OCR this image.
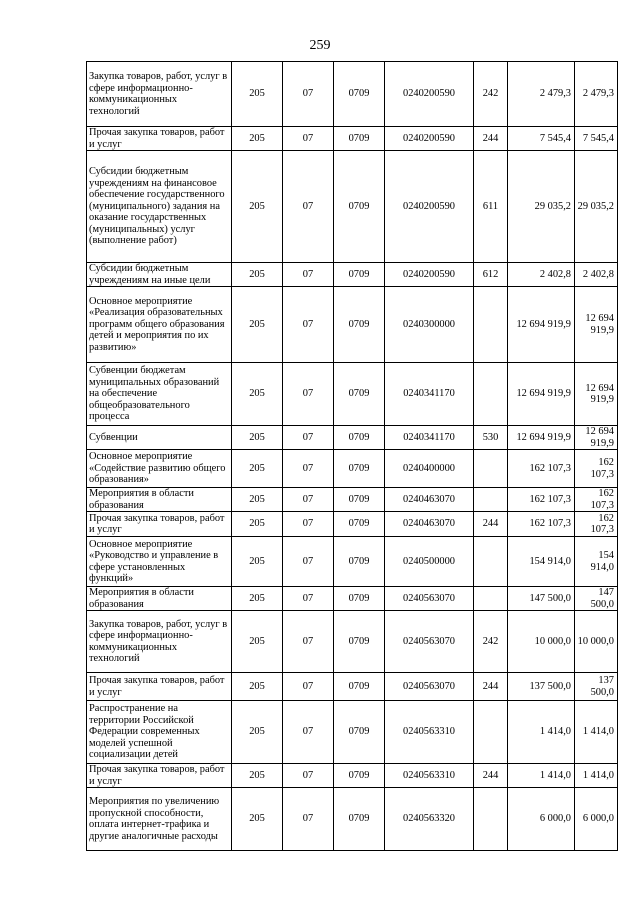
259
Закупка товаров, работ, услуг в сфере информационно-коммуникационных технологий	205	07	0709	0240200590	242	2 479,3	2 479,3
Прочая закупка товаров, работ и услуг	205	07	0709	0240200590	244	7 545,4	7 545,4
Субсидии бюджетным учреждениям на финансовое обеспечение государственного (муниципального) задания на оказание государственных (муниципальных) услуг (выполнение работ)	205	07	0709	0240200590	611	29 035,2	29 035,2
Субсидии бюджетным учреждениям на иные цели	205	07	0709	0240200590	612	2 402,8	2 402,8
Основное мероприятие «Реализация образовательных программ общего образования детей и мероприятия по их развитию»	205	07	0709	0240300000		12 694 919,9	12 694 919,9
Субвенции бюджетам муниципальных образований на обеспечение общеобразовательного процесса	205	07	0709	0240341170		12 694 919,9	12 694 919,9
Субвенции	205	07	0709	0240341170	530	12 694 919,9	12 694 919,9
Основное мероприятие «Содействие развитию общего образования»	205	07	0709	0240400000		162 107,3	162 107,3
Мероприятия в области образования	205	07	0709	0240463070		162 107,3	162 107,3
Прочая закупка товаров, работ и услуг	205	07	0709	0240463070	244	162 107,3	162 107,3
Основное мероприятие «Руководство и управление в сфере установленных функций»	205	07	0709	0240500000		154 914,0	154 914,0
Мероприятия в области образования	205	07	0709	0240563070		147 500,0	147 500,0
Закупка товаров, работ, услуг в сфере информационно-коммуникационных технологий	205	07	0709	0240563070	242	10 000,0	10 000,0
Прочая закупка товаров, работ и услуг	205	07	0709	0240563070	244	137 500,0	137 500,0
Распространение на территории Российской Федерации современных моделей успешной социализации детей	205	07	0709	0240563310		1 414,0	1 414,0
Прочая закупка товаров, работ и услуг	205	07	0709	0240563310	244	1 414,0	1 414,0
Мероприятия по увеличению пропускной способности, оплата интернет-трафика и другие аналогичные расходы	205	07	0709	0240563320		6 000,0	6 000,0
